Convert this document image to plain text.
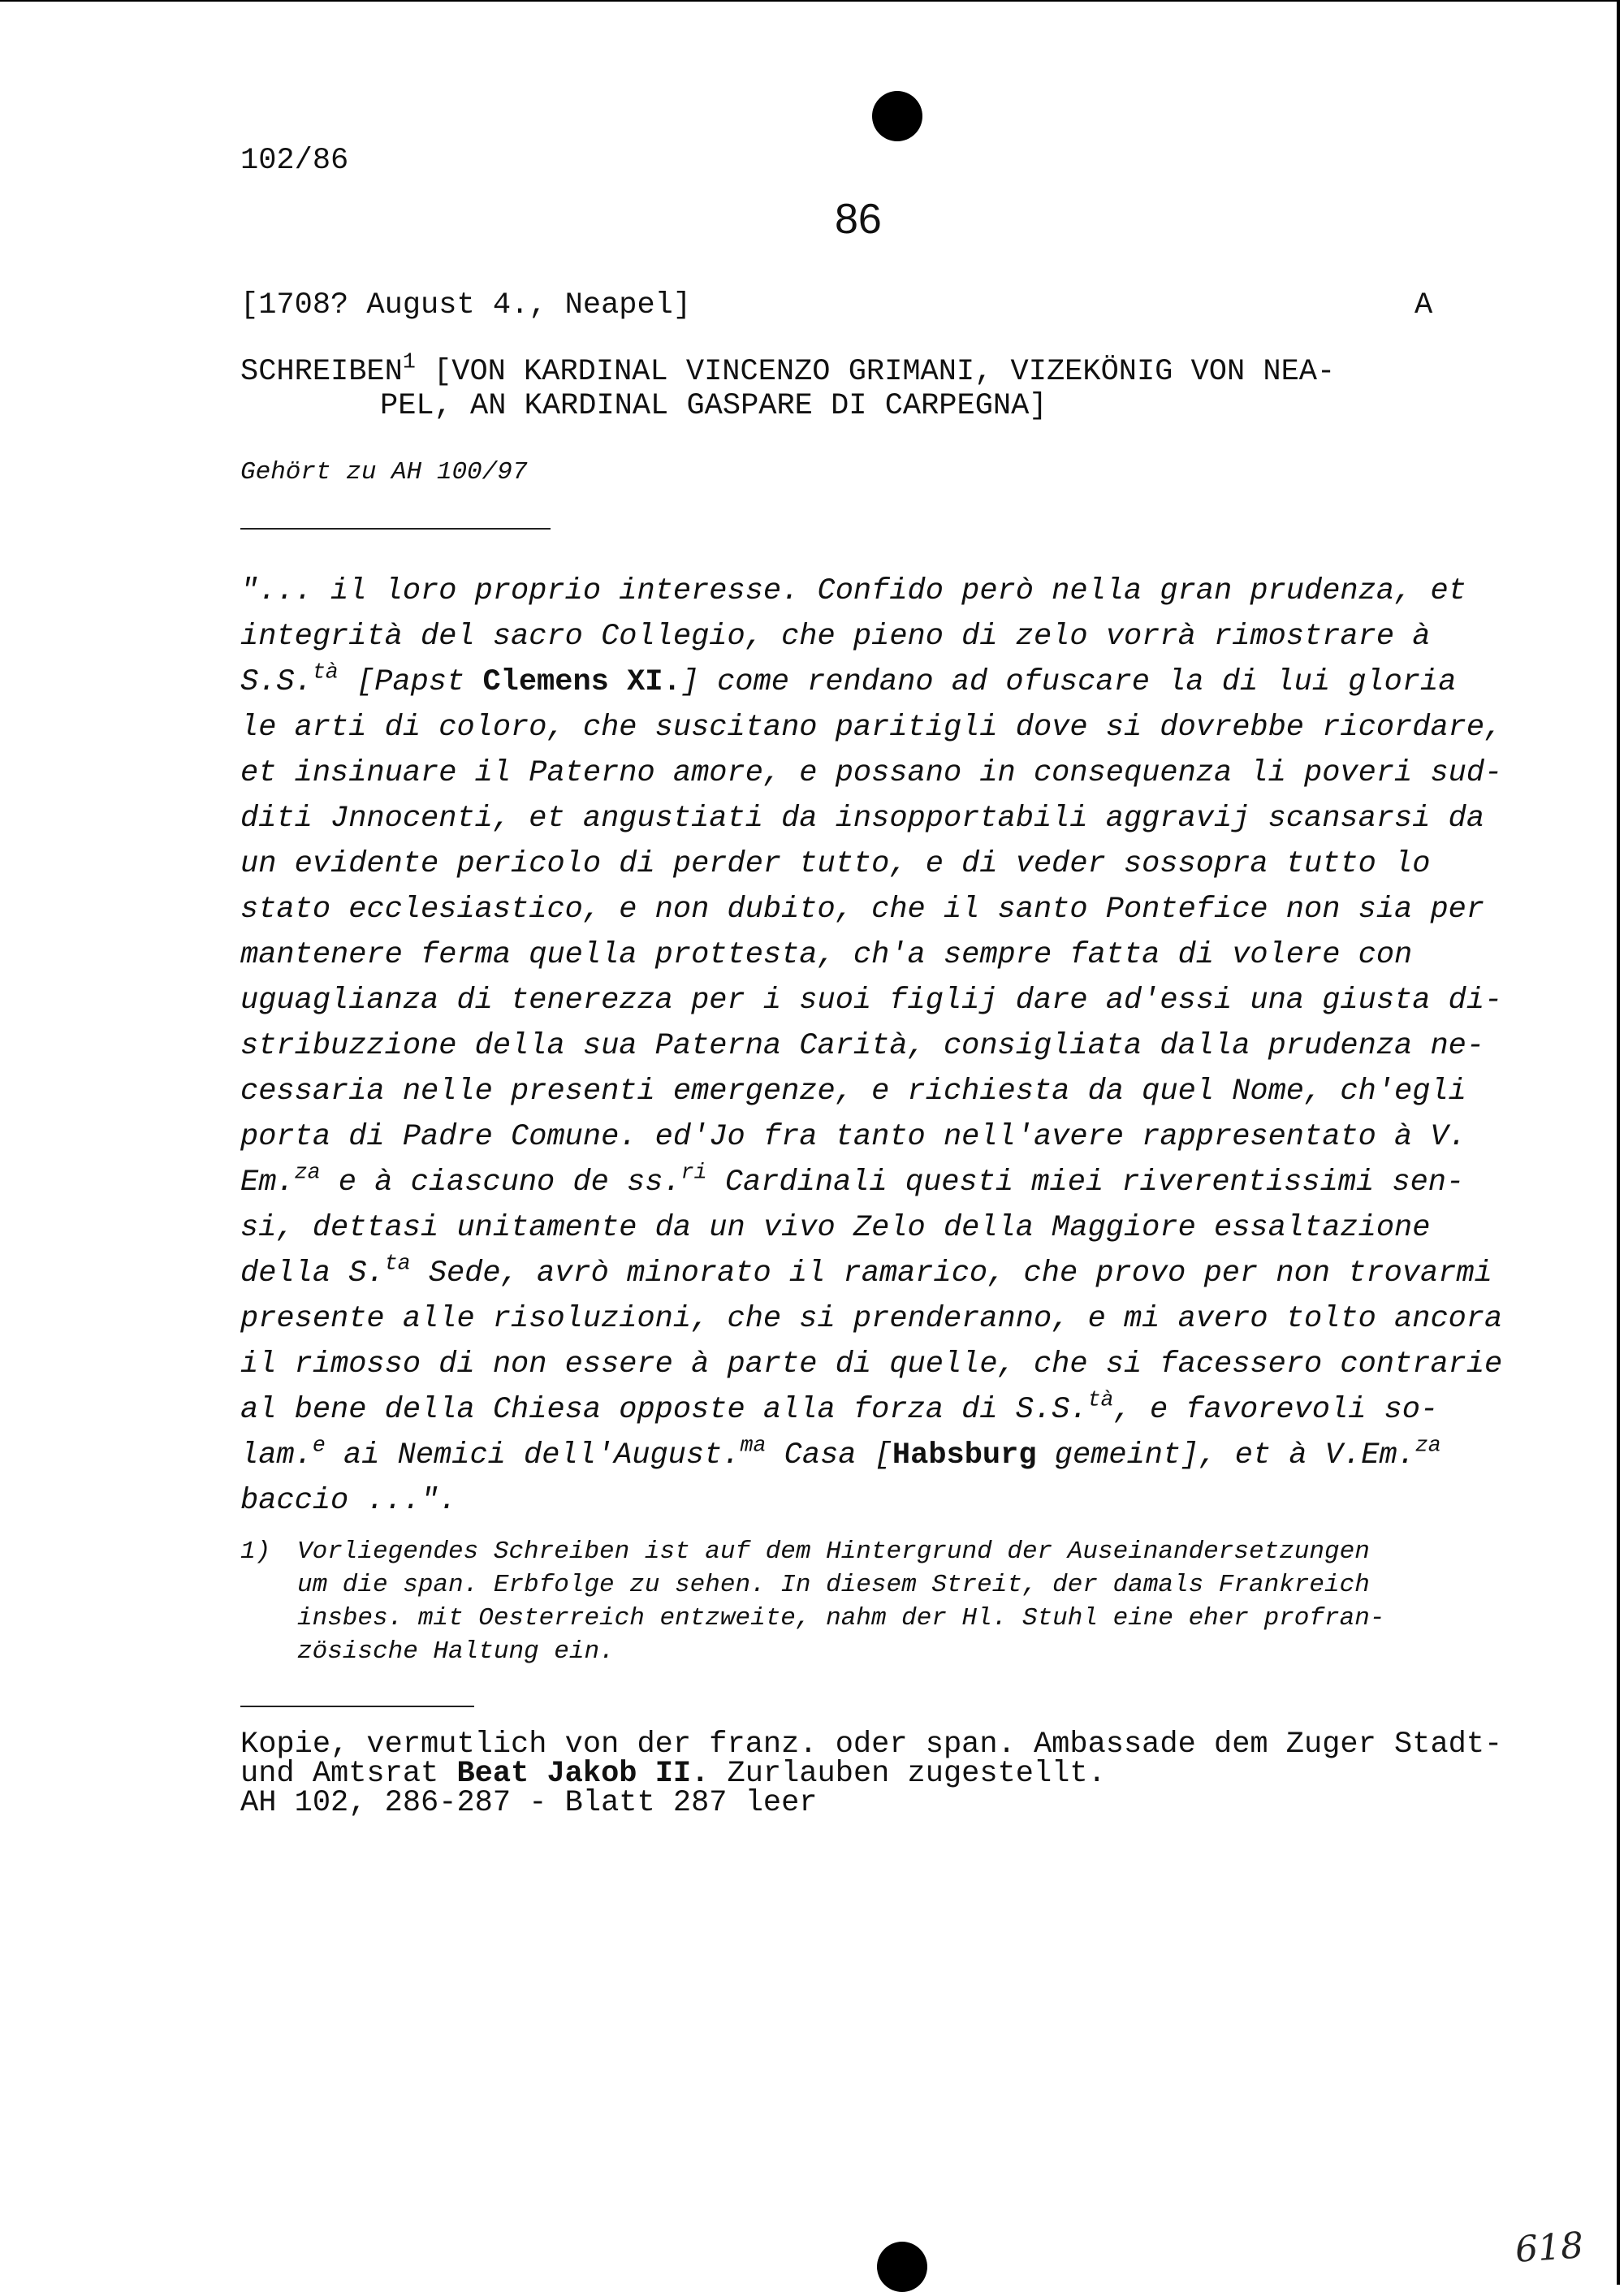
102/86

86

[1708? August 4., Neapel]	A

SCHREIBEN$^1$ [VON KARDINAL VINCENZO GRIMANI, VIZEKÖNIG VON NEA-

PEL, AN KARDINAL GASPARE DI CARPEGNA]

Gehört zu AH 100/97

"... il loro proprio interesse. Confido però nella gran prudenza, et

integrità del sacro Collegio, che pieno di zelo vorrà rimostrare à

S.S.$^{tà}$ [Papst Clemens XI.] come rendano ad ofuscare la di lui gloria

le arti di coloro, che suscitano paritigli dove si dovrebbe ricordare,

et insinuare il Paterno amore, e possano in consequenza li poveri sud-

diti Jnnocenti, et angustiati da insopportabili aggravij scansarsi da

un evidente pericolo di perder tutto, e di veder sossopra tutto lo

stato ecclesiastico, e non dubito, che il santo Pontefice non sia per

mantenere ferma quella prottesta, ch'a sempre fatta di volere con

uguaglianza di tenerezza per i suoi figlij dare ad'essi una giusta di-

stribuzzione della sua Paterna Carità, consigliata dalla prudenza ne-

cessaria nelle presenti emergenze, e richiesta da quel Nome, ch'egli

porta di Padre Comune. ed'Jo fra tanto nell'avere rappresentato à V.

Em.$^{za}$ e à ciascuno de ss.$^{ri}$ Cardinali questi miei riverentissimi sen-

si, dettasi unitamente da un vivo Zelo della Maggiore essaltazione

della S.$^{ta}$ Sede, avrò minorato il ramarico, che provo per non trovarmi

presente alle risoluzioni, che si prenderanno, e mi avero tolto ancora

il rimosso di non essere à parte di quelle, che si facessero contrarie

al bene della Chiesa opposte alla forza di S.S.$^{tà}$, e favorevoli so-

lam.$^e$ ai Nemici dell'August.$^{ma}$ Casa [Habsburg gemeint], et à V.Em.$^{za}$

baccio ...".

1) Vorliegendes Schreiben ist auf dem Hintergrund der Auseinandersetzungen

um die span. Erbfolge zu sehen. In diesem Streit, der damals Frankreich

insbes. mit Oesterreich entzweite, nahm der Hl. Stuhl eine eher profran-

zösische Haltung ein.

Kopie, vermutlich von der franz. oder span. Ambassade dem Zuger Stadt-

und Amtsrat Beat Jakob II. Zurlauben zugestellt.

AH 102, 286-287 - Blatt 287 leer

618
